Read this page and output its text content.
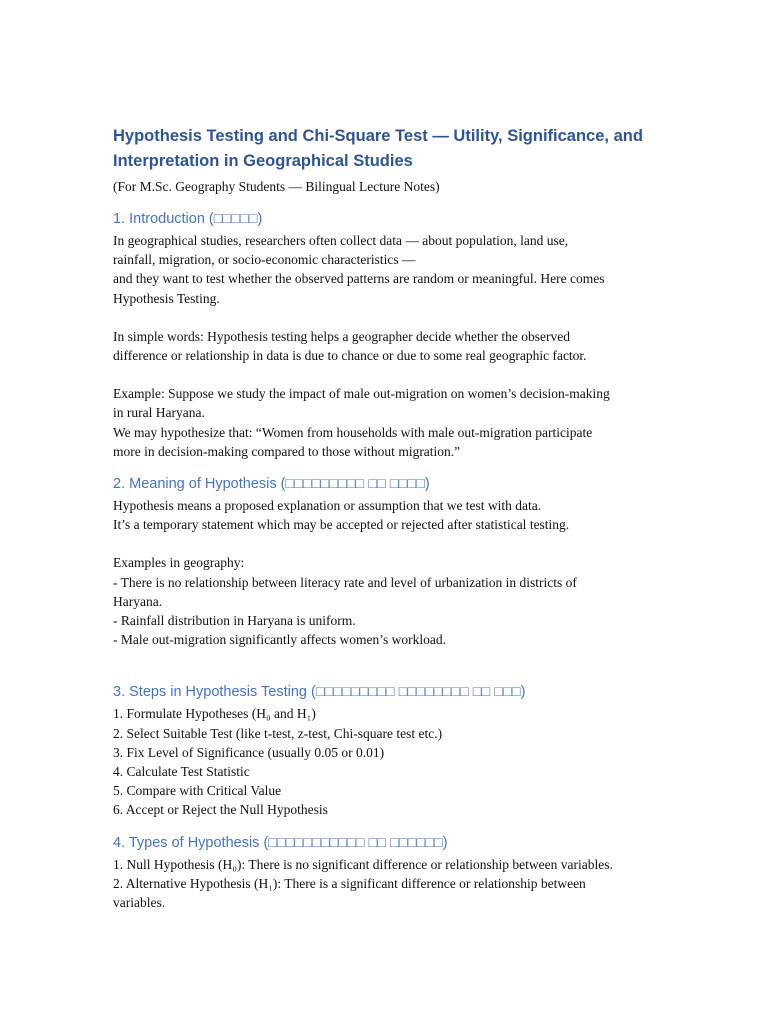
Hypothesis Testing and Chi-Square Test — Utility, Significance, and
Interpretation in Geographical Studies
(For M.Sc. Geography Students — Bilingual Lecture Notes)
1. Introduction (□□□□□)
In geographical studies, researchers often collect data — about population, land use,
rainfall, migration, or socio-economic characteristics —
and they want to test whether the observed patterns are random or meaningful. Here comes
Hypothesis Testing.
In simple words: Hypothesis testing helps a geographer decide whether the observed
difference or relationship in data is due to chance or due to some real geographic factor.
Example: Suppose we study the impact of male out-migration on women’s decision-making
in rural Haryana.
We may hypothesize that: “Women from households with male out-migration participate
more in decision-making compared to those without migration.”
2. Meaning of Hypothesis (□□□□□□□□□ □□ □□□□)
Hypothesis means a proposed explanation or assumption that we test with data.
It’s a temporary statement which may be accepted or rejected after statistical testing.
Examples in geography:
- There is no relationship between literacy rate and level of urbanization in districts of
Haryana.
- Rainfall distribution in Haryana is uniform.
- Male out-migration significantly affects women’s workload.
3. Steps in Hypothesis Testing (□□□□□□□□□ □□□□□□□□ □□ □□□)
1. Formulate Hypotheses (H₀ and H₁)
2. Select Suitable Test (like t-test, z-test, Chi-square test etc.)
3. Fix Level of Significance (usually 0.05 or 0.01)
4. Calculate Test Statistic
5. Compare with Critical Value
6. Accept or Reject the Null Hypothesis
4. Types of Hypothesis (□□□□□□□□□□□ □□ □□□□□□)
1. Null Hypothesis (H₀): There is no significant difference or relationship between variables.
2. Alternative Hypothesis (H₁): There is a significant difference or relationship between
variables.
